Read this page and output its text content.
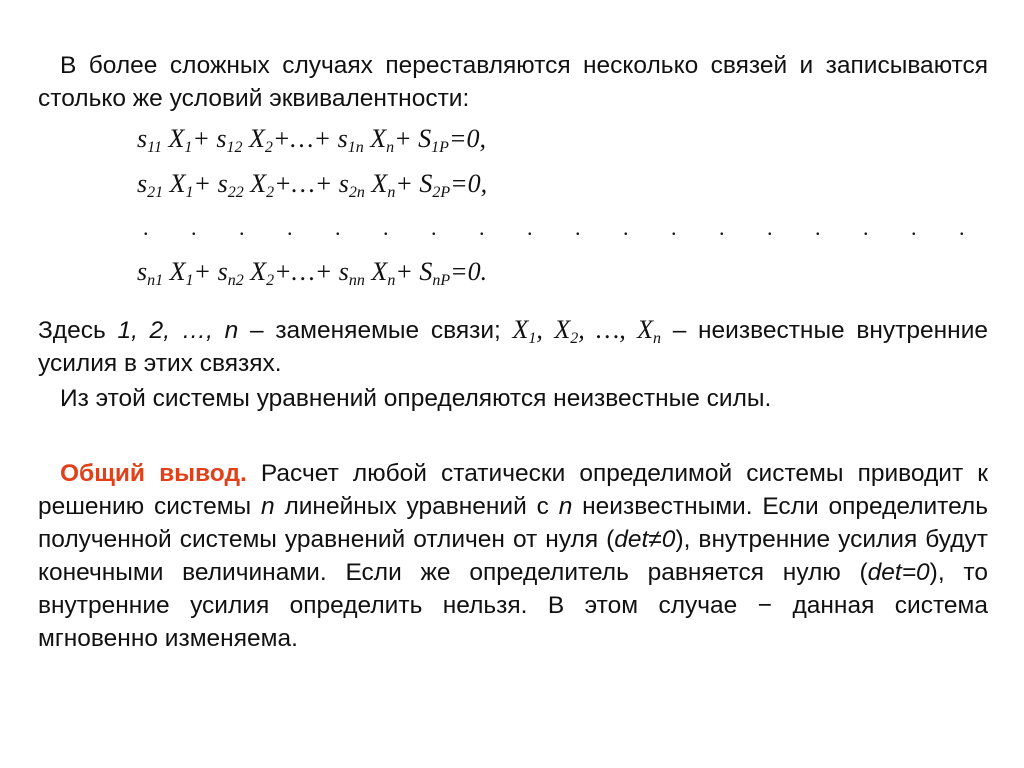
В более сложных случаях переставляются несколько связей и записываются столько же условий эквивалентности:

$s_{11}$ $X_1+ s_{12}$ $X_2+\dots+ s_{1n}$ $X_n+ S_{1P}=0$,
$s_{21}$ $X_1+ s_{22}$ $X_2+\dots+ s_{2n}$ $X_n+ S_{2P}=0$,
. . . . . . . . . . . . . . . . . .
$s_{n1}$ $X_1+ s_{n2}$ $X_2+\dots+ s_{nn}$ $X_n+ S_{nP}=0$.

Здесь 1, 2, …, n – заменяемые связи; $X_1$, $X_2$, …, $X_n$ – неизвестные внутренние усилия в этих связях.

Из этой системы уравнений определяются неизвестные силы.

Общий вывод. Расчет любой статически определимой системы приводит к решению системы n линейных уравнений с n неизвестными. Если определитель полученной системы уравнений отличен от нуля (det≠0), внутренние усилия будут конечными величинами. Если же определитель равняется нулю (det=0), то внутренние усилия определить нельзя. В этом случае − данная система мгновенно изменяема.
